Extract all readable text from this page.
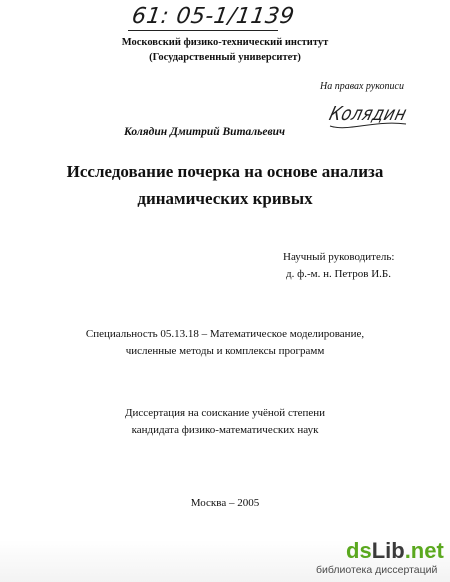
61: 05-1/1139
Московский физико-технический институт
(Государственный университет)
На правах рукописи
Колядин
Колядин Дмитрий Витальевич
Исследование почерка на основе анализа
динамических кривых
Научный руководитель:
д. ф.-м. н. Петров И.Б.
Специальность 05.13.18 – Математическое моделирование,
численные методы и комплексы программ
Диссертация на соискание учёной степени
кандидата физико-математических наук
Москва – 2005
dsLib.net
библиотека диссертаций
